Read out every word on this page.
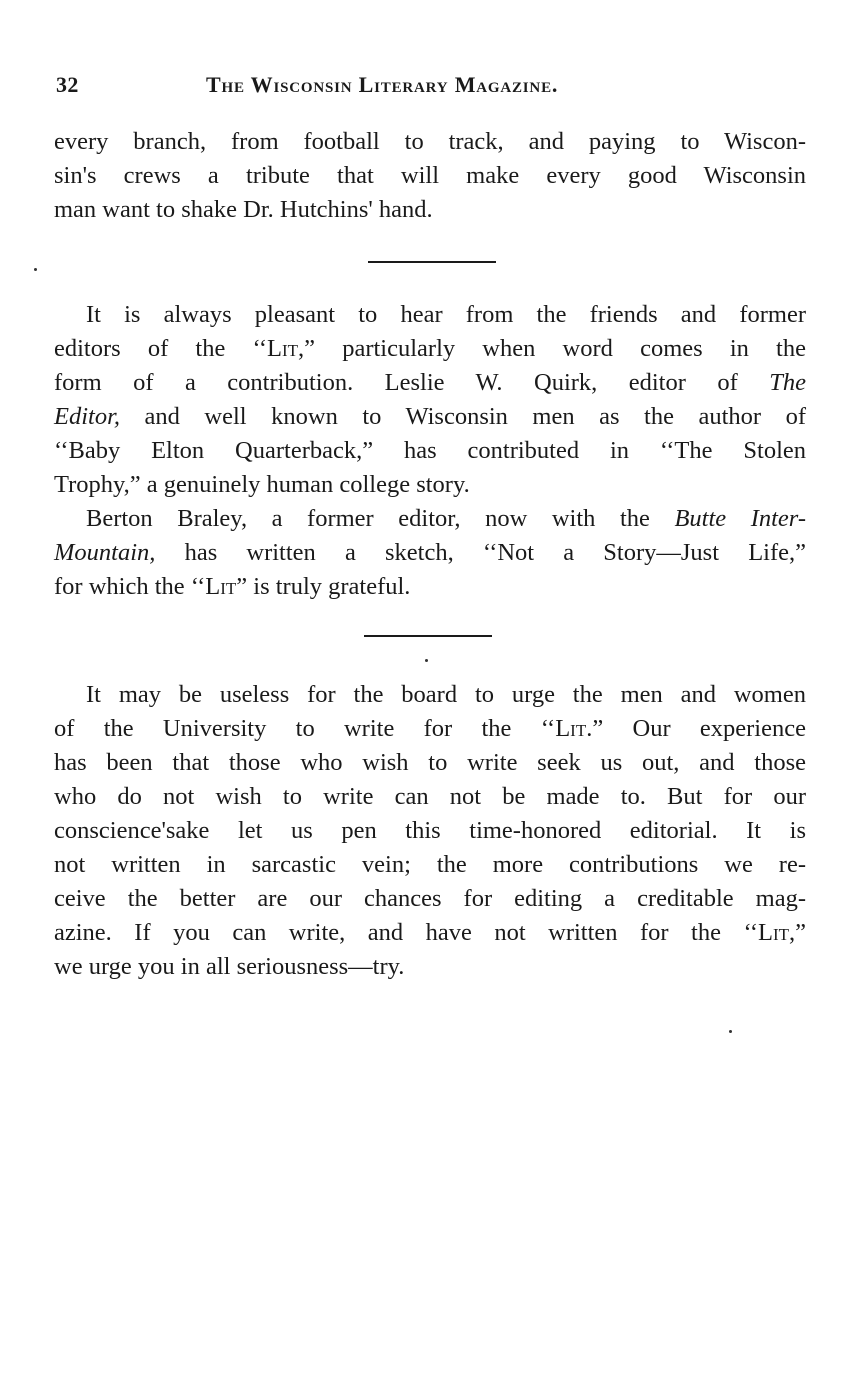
32	The Wisconsin Literary Magazine.
every branch, from football to track, and paying to Wiscon-
sin's crews a tribute that will make every good Wisconsin
man want to shake Dr. Hutchins' hand.
It is always pleasant to hear from the friends and former
editors of the ‘‘Lit,” particularly when word comes in the
form of a contribution. Leslie W. Quirk, editor of The
Editor, and well known to Wisconsin men as the author of
‘‘Baby Elton Quarterback,” has contributed in ‘‘The Stolen
Trophy,” a genuinely human college story.
Berton Braley, a former editor, now with the Butte Inter-
Mountain, has written a sketch, ‘‘Not a Story—Just Life,”
for which the ‘‘Lit” is truly grateful.
It may be useless for the board to urge the men and women
of the University to write for the ‘‘Lit.” Our experience
has been that those who wish to write seek us out, and those
who do not wish to write can not be made to. But for our
conscience'sake let us pen this time-honored editorial. It is
not written in sarcastic vein; the more contributions we re-
ceive the better are our chances for editing a creditable mag-
azine. If you can write, and have not written for the ‘‘Lit,”
we urge you in all seriousness—try.
